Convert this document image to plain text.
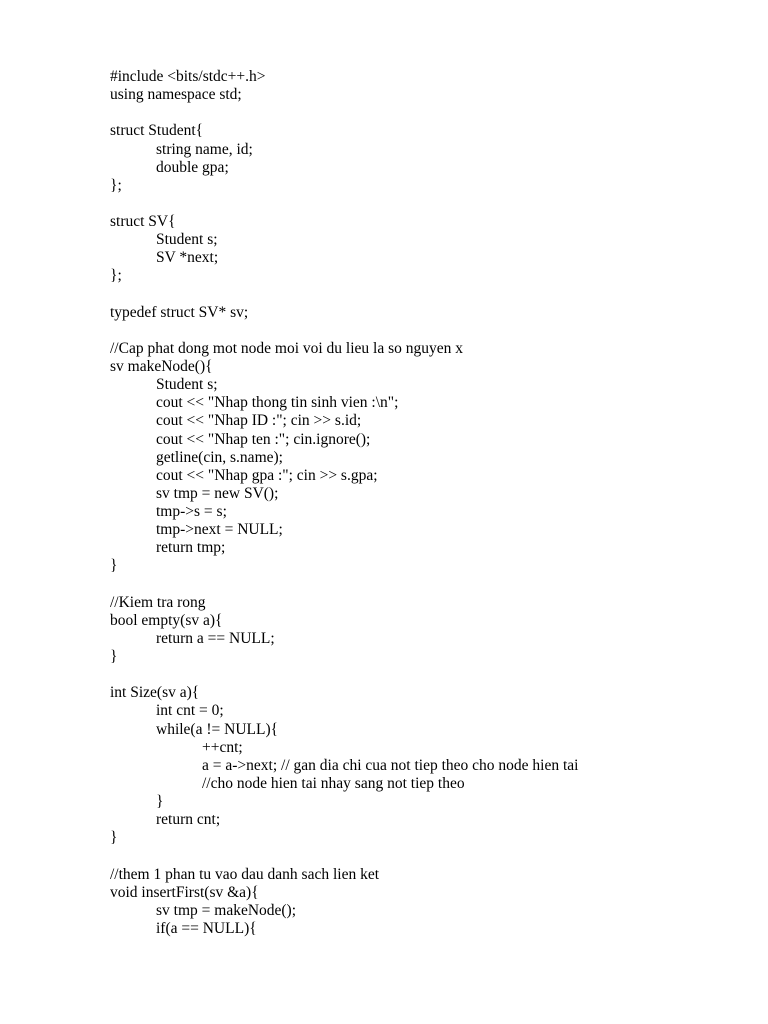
#include <bits/stdc++.h>
using namespace std;
struct Student{
string name, id;
double gpa;
};
struct SV{
Student s;
SV *next;
};
typedef struct SV* sv;
//Cap phat dong mot node moi voi du lieu la so nguyen x
sv makeNode(){
Student s;
cout << "Nhap thong tin sinh vien :\n";
cout << "Nhap ID :"; cin >> s.id;
cout << "Nhap ten :"; cin.ignore();
getline(cin, s.name);
cout << "Nhap gpa :"; cin >> s.gpa;
sv tmp = new SV();
tmp->s = s;
tmp->next = NULL;
return tmp;
}
//Kiem tra rong
bool empty(sv a){
return a == NULL;
}
int Size(sv a){
int cnt = 0;
while(a != NULL){
++cnt;
a = a->next; // gan dia chi cua not tiep theo cho node hien tai
//cho node hien tai nhay sang not tiep theo
}
return cnt;
}
//them 1 phan tu vao dau danh sach lien ket
void insertFirst(sv &a){
sv tmp = makeNode();
if(a == NULL){
